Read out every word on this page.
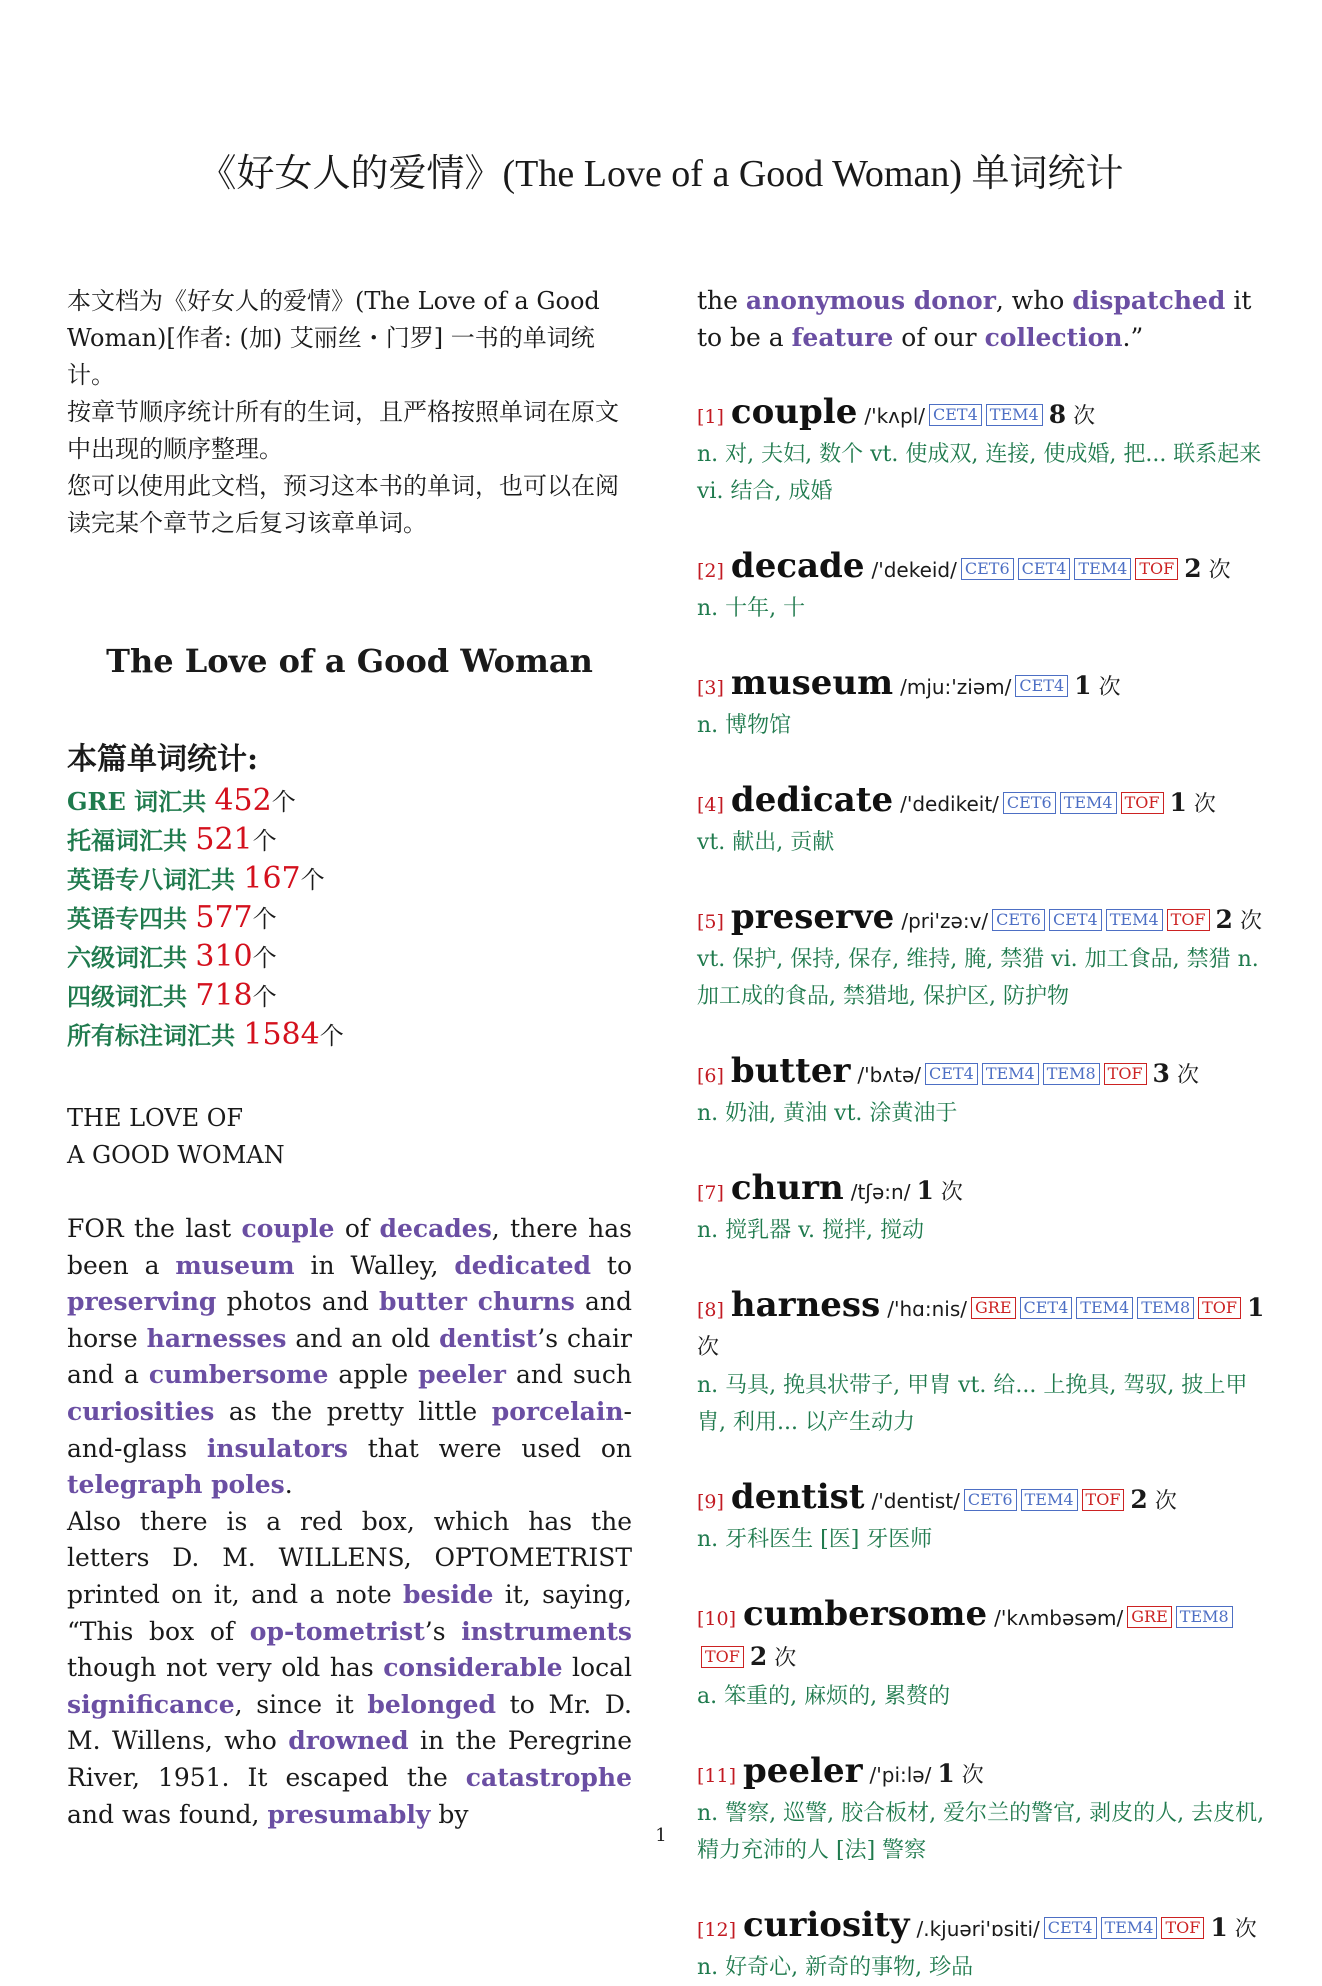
《好女人的爱情》(The Love of a Good Woman) 单词统计

本文档为《好女人的爱情》(The Love of a Good Woman)[作者: (加) 艾丽丝・门罗] 一书的单词统计。

按章节顺序统计所有的生词，且严格按照单词在原文中出现的顺序整理。

您可以使用此文档，预习这本书的单词，也可以在阅读完某个章节之后复习该章单词。

The Love of a Good Woman
本篇单词统计:
GRE 词汇共 452个
托福词汇共 521个
英语专八词汇共 167个
英语专四共 577个
六级词汇共 310个
四级词汇共 718个
所有标注词汇共 1584个
THE LOVE OF
A GOOD WOMAN

FOR the last couple of decades, there has been a museum in Walley, dedicated to preserving photos and butter churns and horse harnesses and an old dentist’s chair and a cumbersome apple peeler and such curiosities as the pretty little porcelain-and-glass insulators that were used on telegraph poles.

Also there is a red box, which has the letters D. M. WILLENS, OPTOMETRIST printed on it, and a note beside it, saying, “This box of op-tometrist’s instruments though not very old has considerable local significance, since it belonged to Mr. D. M. Willens, who drowned in the Peregrine River, 1951. It escaped the catastrophe and was found, presumably by

the anonymous donor, who dispatched it to be a feature of our collection.”
[1] couple /'kʌpl/ CET4 TEM4 8 次
n. 对, 夫妇, 数个 vt. 使成双, 连接, 使成婚, 把... 联系起来 vi. 结合, 成婚
[2] decade /'dekeid/ CET6 CET4 TEM4 TOF 2 次
n. 十年, 十
[3] museum /mju:'ziəm/ CET4 1 次
n. 博物馆
[4] dedicate /'dedikeit/ CET6 TEM4 TOF 1 次
vt. 献出, 贡献
[5] preserve /pri'zə:v/ CET6 CET4 TEM4 TOF 2 次
vt. 保护, 保持, 保存, 维持, 腌, 禁猎 vi. 加工食品, 禁猎 n. 加工成的食品, 禁猎地, 保护区, 防护物
[6] butter /'bʌtə/ CET4 TEM4 TEM8 TOF 3 次
n. 奶油, 黄油 vt. 涂黄油于
[7] churn /tʃə:n/ 1 次
n. 搅乳器 v. 搅拌, 搅动
[8] harness /'hɑ:nis/ GRE CET4 TEM4 TEM8 TOF 1 次
n. 马具, 挽具状带子, 甲胄 vt. 给... 上挽具, 驾驭, 披上甲胄, 利用... 以产生动力
[9] dentist /'dentist/ CET6 TEM4 TOF 2 次
n. 牙科医生 [医] 牙医师
[10] cumbersome /'kʌmbəsəm/ GRE TEM8TOF 2 次
a. 笨重的, 麻烦的, 累赘的
[11] peeler /'pi:lə/ 1 次
n. 警察, 巡警, 胶合板材, 爱尔兰的警官, 剥皮的人, 去皮机, 精力充沛的人 [法] 警察
[12] curiosity /.kjuəri'ɒsiti/ CET4 TEM4 TOF 1 次
n. 好奇心, 新奇的事物, 珍品
1
